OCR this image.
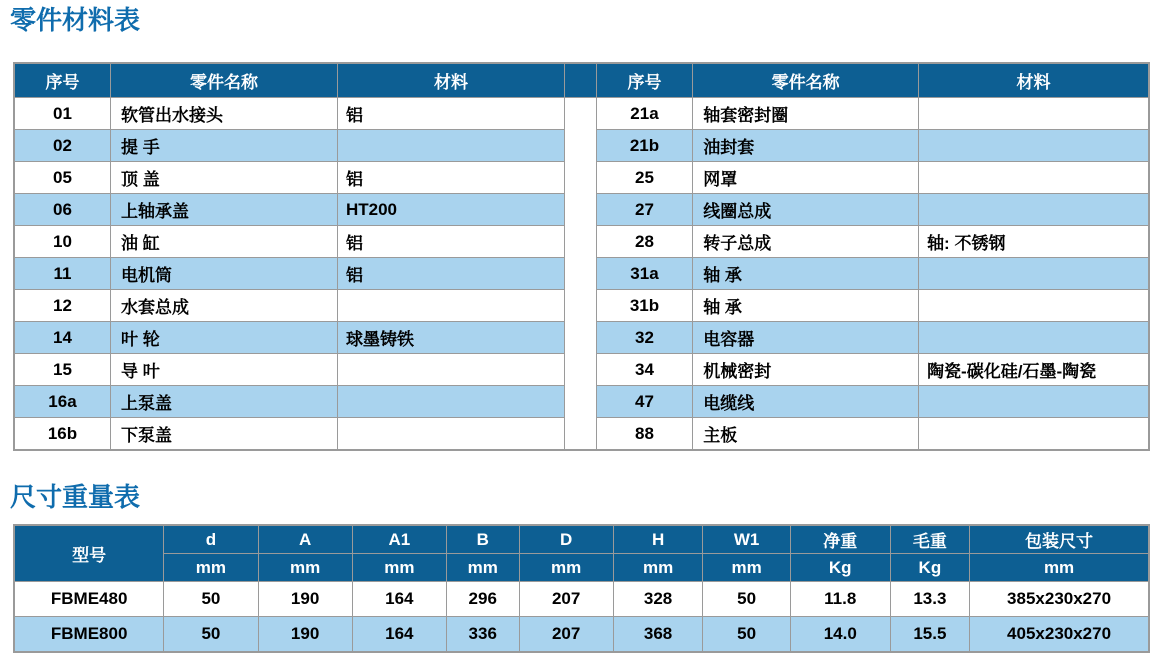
零件材料表
序号	零件名称	材料		序号	零件名称	材料
01	软管出水接头	铝		21a	轴套密封圈	
02	提 手			21b	油封套	
05	顶 盖	铝		25	网罩	
06	上轴承盖	HT200		27	线圈总成	
10	油 缸	铝		28	转子总成	轴: 不锈钢
11	电机筒	铝		31a	轴 承	
12	水套总成			31b	轴 承	
14	叶 轮	球墨铸铁		32	电容器	
15	导 叶			34	机械密封	陶瓷-碳化硅/石墨-陶瓷
16a	上泵盖			47	电缆线	
16b	下泵盖			88	主板	
尺寸重量表
型号	d	A	A1	B	D	H	W1	净重	毛重	包装尺寸
	mm	mm	mm	mm	mm	mm	mm	Kg	Kg	mm
FBME480	50	190	164	296	207	328	50	11.8	13.3	385x230x270
FBME800	50	190	164	336	207	368	50	14.0	15.5	405x230x270
